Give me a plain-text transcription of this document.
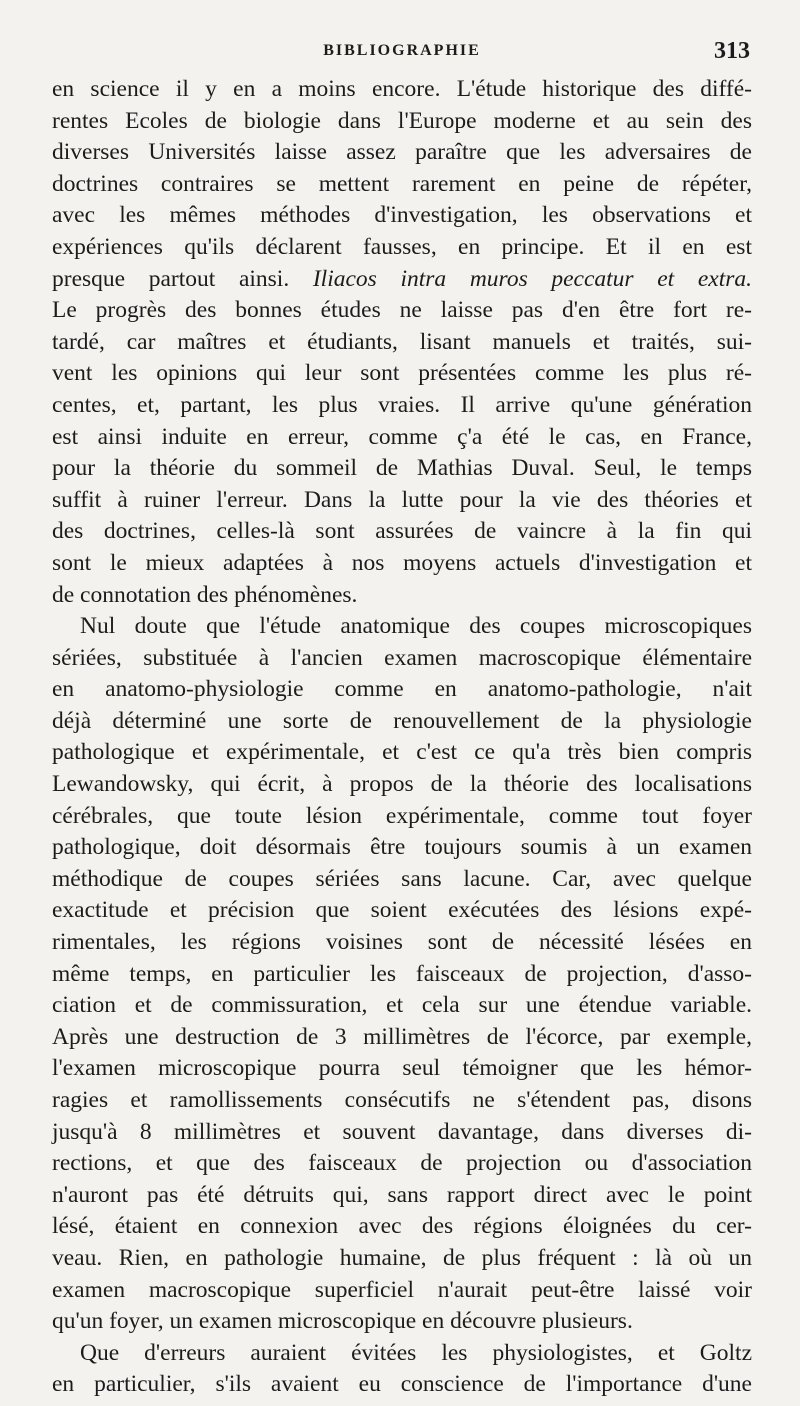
BIBLIOGRAPHIE	313
en science il y en a moins encore. L'étude historique des diffé-
rentes Ecoles de biologie dans l'Europe moderne et au sein des
diverses Universités laisse assez paraître que les adversaires de
doctrines contraires se mettent rarement en peine de répéter,
avec les mêmes méthodes d'investigation, les observations et
expériences qu'ils déclarent fausses, en principe. Et il en est
presque partout ainsi. Iliacos intra muros peccatur et extra.
Le progrès des bonnes études ne laisse pas d'en être fort re-
tardé, car maîtres et étudiants, lisant manuels et traités, sui-
vent les opinions qui leur sont présentées comme les plus ré-
centes, et, partant, les plus vraies. Il arrive qu'une génération
est ainsi induite en erreur, comme ç'a été le cas, en France,
pour la théorie du sommeil de Mathias Duval. Seul, le temps
suffit à ruiner l'erreur. Dans la lutte pour la vie des théories et
des doctrines, celles-là sont assurées de vaincre à la fin qui
sont le mieux adaptées à nos moyens actuels d'investigation et
de connotation des phénomènes.
Nul doute que l'étude anatomique des coupes microscopiques
sériées, substituée à l'ancien examen macroscopique élémentaire
en anatomo-physiologie comme en anatomo-pathologie, n'ait
déjà déterminé une sorte de renouvellement de la physiologie
pathologique et expérimentale, et c'est ce qu'a très bien compris
Lewandowsky, qui écrit, à propos de la théorie des localisations
cérébrales, que toute lésion expérimentale, comme tout foyer
pathologique, doit désormais être toujours soumis à un examen
méthodique de coupes sériées sans lacune. Car, avec quelque
exactitude et précision que soient exécutées des lésions expé-
rimentales, les régions voisines sont de nécessité lésées en
même temps, en particulier les faisceaux de projection, d'asso-
ciation et de commissuration, et cela sur une étendue variable.
Après une destruction de 3 millimètres de l'écorce, par exemple,
l'examen microscopique pourra seul témoigner que les hémor-
ragies et ramollissements consécutifs ne s'étendent pas, disons
jusqu'à 8 millimètres et souvent davantage, dans diverses di-
rections, et que des faisceaux de projection ou d'association
n'auront pas été détruits qui, sans rapport direct avec le point
lésé, étaient en connexion avec des régions éloignées du cer-
veau. Rien, en pathologie humaine, de plus fréquent : là où un
examen macroscopique superficiel n'aurait peut-être laissé voir
qu'un foyer, un examen microscopique en découvre plusieurs.
Que d'erreurs auraient évitées les physiologistes, et Goltz
en particulier, s'ils avaient eu conscience de l'importance d'une
